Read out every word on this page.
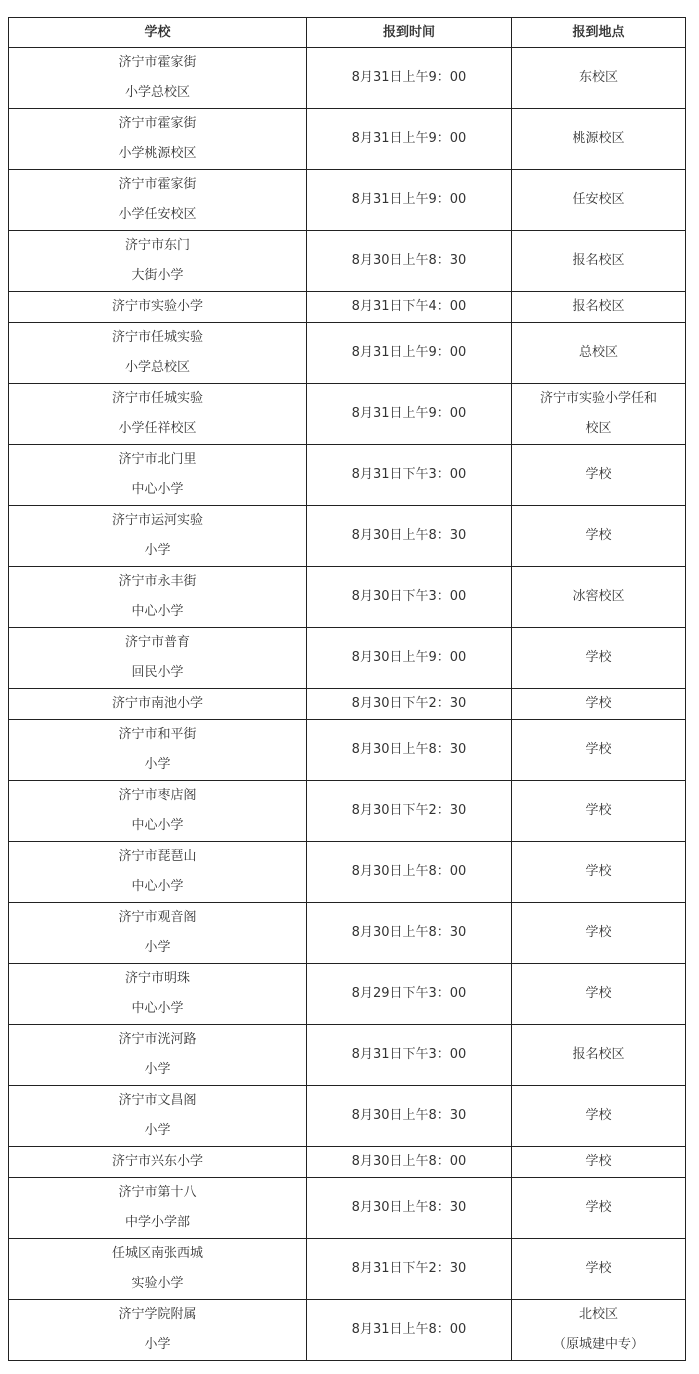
学校	报到时间	报到地点

济宁市霍家街
小学总校区	8月31日上午9：00	东校区

济宁市霍家街
小学桃源校区	8月31日上午9：00	桃源校区

济宁市霍家街
小学任安校区	8月31日上午9：00	任安校区

济宁市东门
大街小学	8月30日上午8：30	报名校区

济宁市实验小学	8月31日下午4：00	报名校区

济宁市任城实验
小学总校区	8月31日上午9：00	总校区

济宁市任城实验
小学任祥校区	8月31日上午9：00	济宁市实验小学任和
校区

济宁市北门里
中心小学	8月31日下午3：00	学校

济宁市运河实验
小学	8月30日上午8：30	学校

济宁市永丰街
中心小学	8月30日下午3：00	冰窖校区

济宁市普育
回民小学	8月30日上午9：00	学校

济宁市南池小学	8月30日下午2：30	学校

济宁市和平街
小学	8月30日上午8：30	学校

济宁市枣店阁
中心小学	8月30日下午2：30	学校

济宁市琵琶山
中心小学	8月30日上午8：00	学校

济宁市观音阁
小学	8月30日上午8：30	学校

济宁市明珠
中心小学	8月29日下午3：00	学校

济宁市洸河路
小学	8月31日下午3：00	报名校区

济宁市文昌阁
小学	8月30日上午8：30	学校

济宁市兴东小学	8月30日上午8：00	学校

济宁市第十八
中学小学部	8月30日上午8：30	学校

任城区南张西城
实验小学	8月31日下午2：30	学校

济宁学院附属
小学	8月31日上午8：00	北校区
（原城建中专）
